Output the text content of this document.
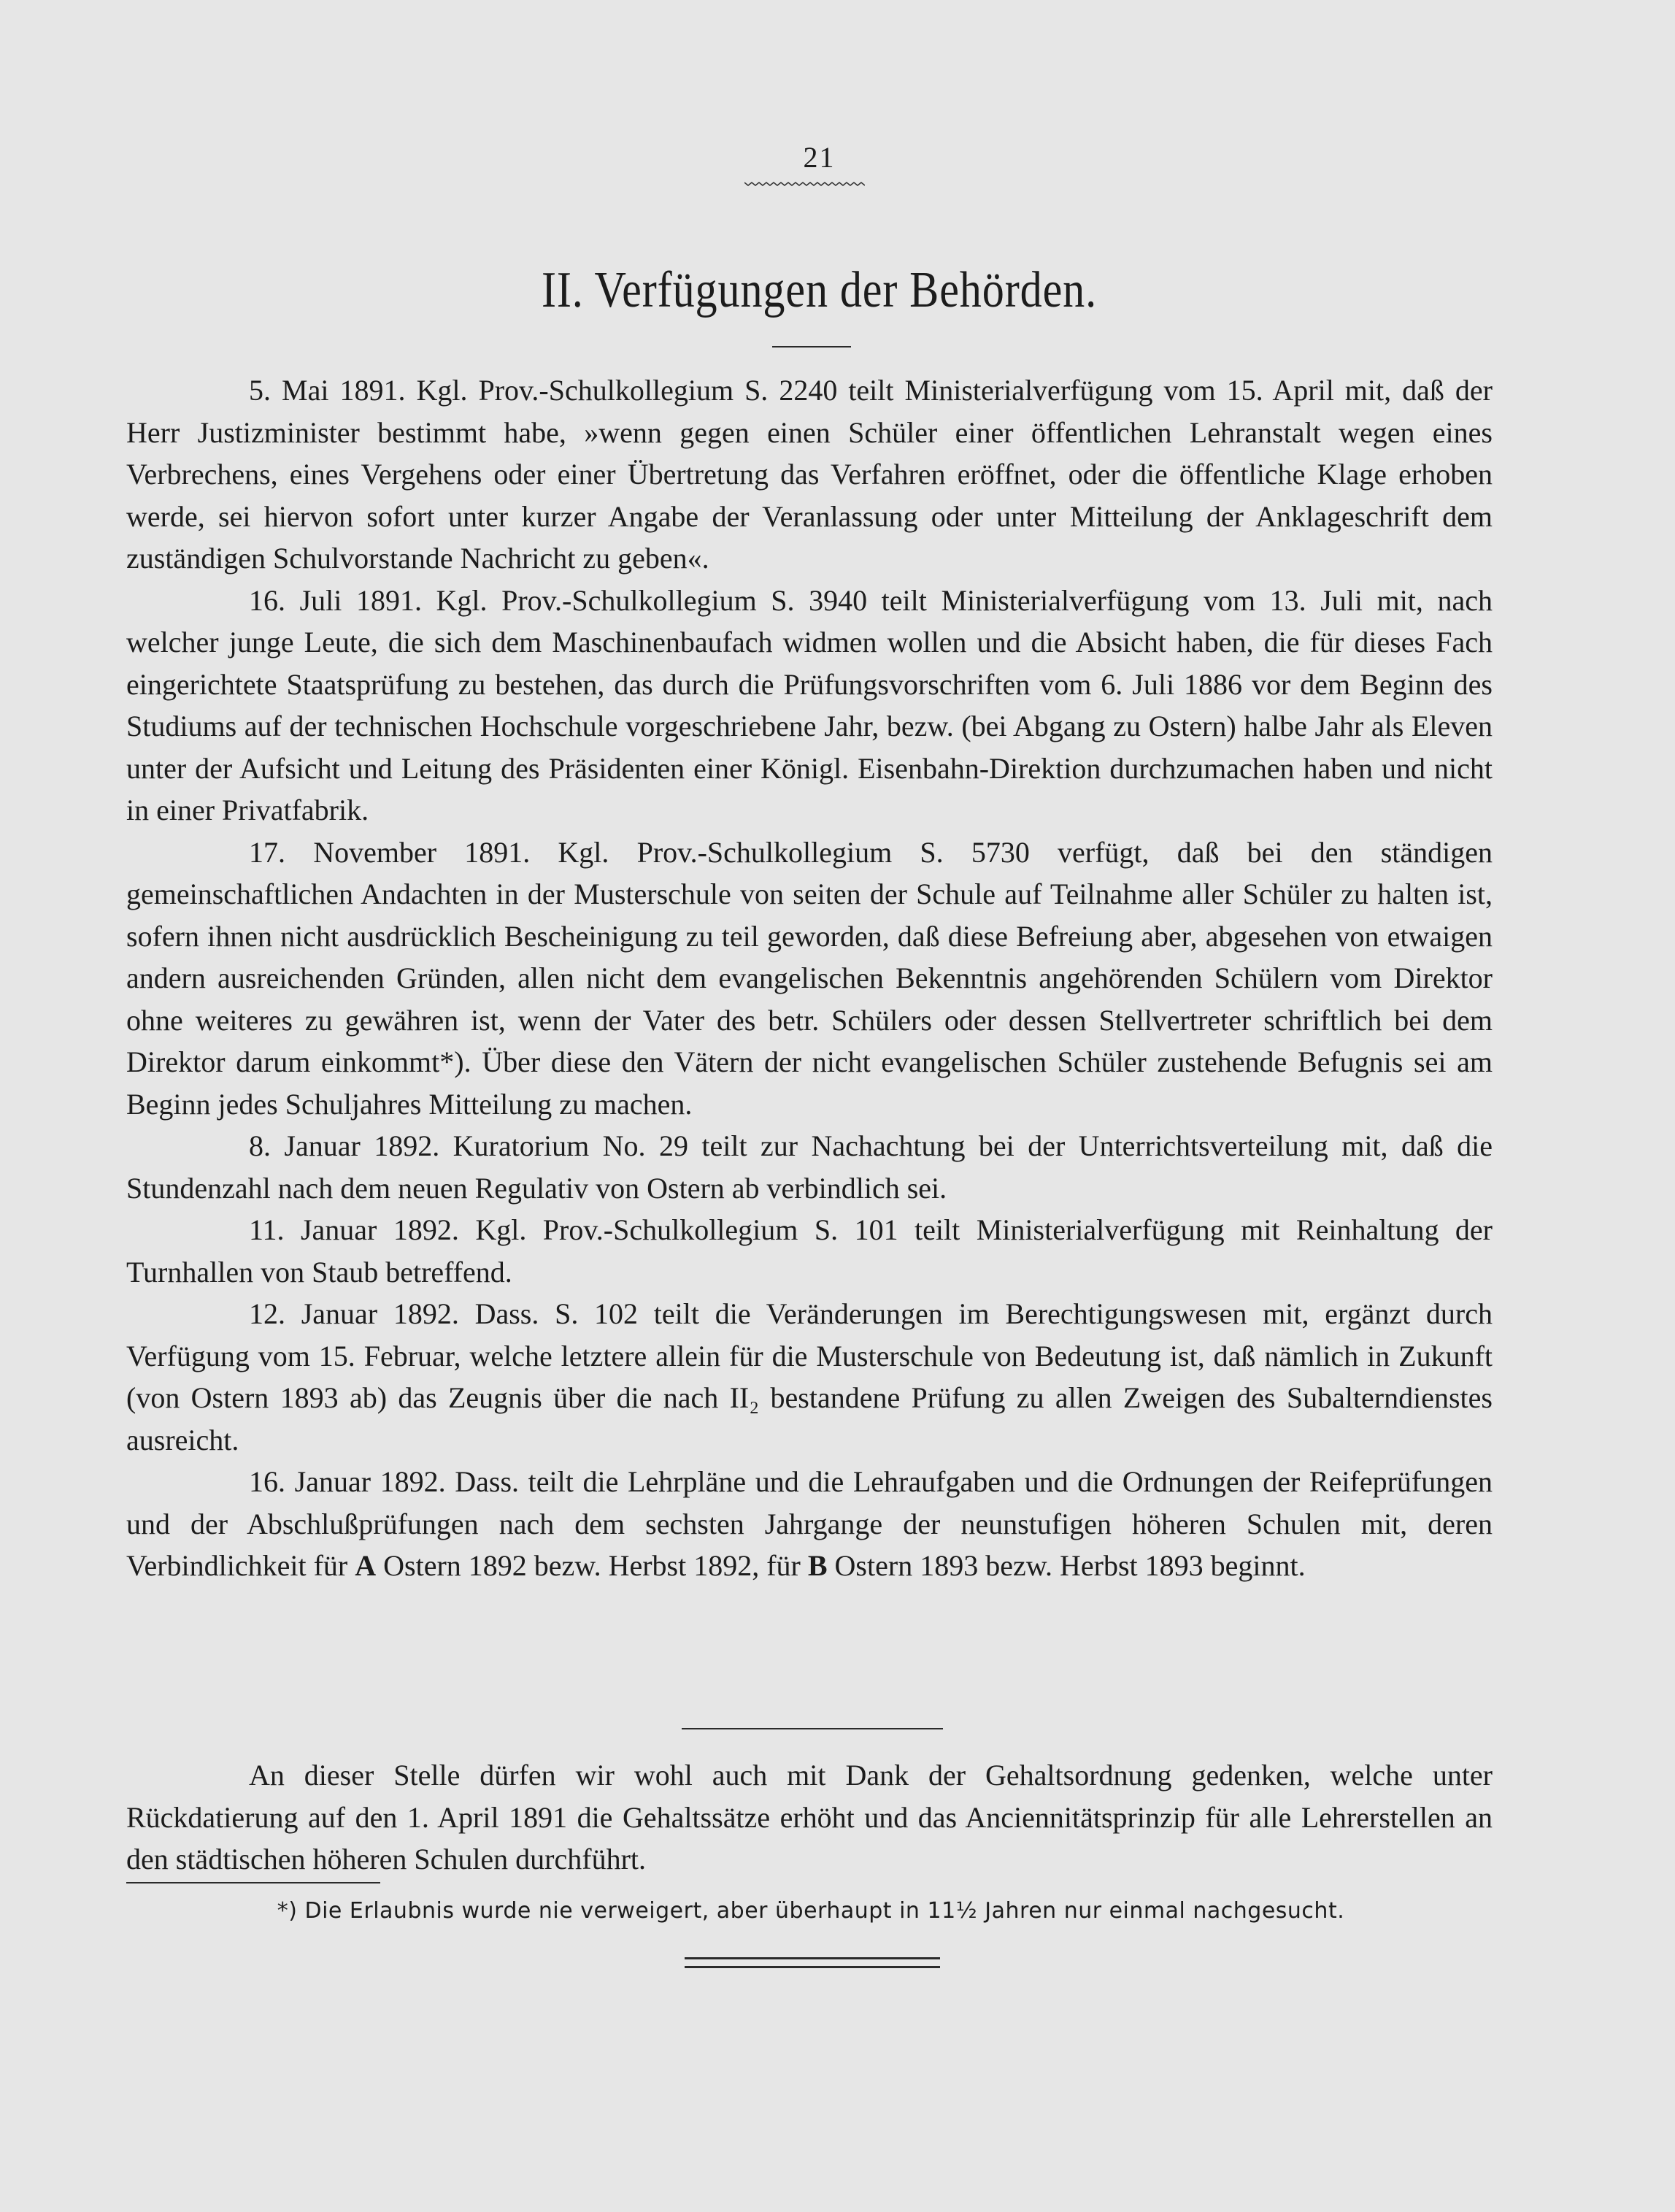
21
II. Verfügungen der Behörden.

5. Mai 1891. Kgl. Prov.-Schulkollegium S. 2240 teilt Ministerialverfügung vom 15. April mit, daß der Herr Justizminister bestimmt habe, »wenn gegen einen Schüler einer öffentlichen Lehranstalt wegen eines Verbrechens, eines Vergehens oder einer Übertretung das Verfahren eröffnet, oder die öffentliche Klage erhoben werde, sei hiervon sofort unter kurzer Angabe der Veranlassung oder unter Mitteilung der Anklageschrift dem zuständigen Schulvorstande Nachricht zu geben«.

16. Juli 1891. Kgl. Prov.-Schulkollegium S. 3940 teilt Ministerialverfügung vom 13. Juli mit, nach welcher junge Leute, die sich dem Maschinenbaufach widmen wollen und die Absicht haben, die für dieses Fach eingerichtete Staatsprüfung zu bestehen, das durch die Prüfungsvorschriften vom 6. Juli 1886 vor dem Beginn des Studiums auf der technischen Hochschule vorgeschriebene Jahr, bezw. (bei Abgang zu Ostern) halbe Jahr als Eleven unter der Aufsicht und Leitung des Präsidenten einer Königl. Eisenbahn-Direktion durchzumachen haben und nicht in einer Privatfabrik.

17. November 1891. Kgl. Prov.-Schulkollegium S. 5730 verfügt, daß bei den ständigen gemeinschaftlichen Andachten in der Musterschule von seiten der Schule auf Teilnahme aller Schüler zu halten ist, sofern ihnen nicht ausdrücklich Bescheinigung zu teil geworden, daß diese Befreiung aber, abgesehen von etwaigen andern ausreichenden Gründen, allen nicht dem evangelischen Bekenntnis angehörenden Schülern vom Direktor ohne weiteres zu gewähren ist, wenn der Vater des betr. Schülers oder dessen Stellvertreter schriftlich bei dem Direktor darum einkommt*). Über diese den Vätern der nicht evangelischen Schüler zustehende Befugnis sei am Beginn jedes Schuljahres Mitteilung zu machen.

8. Januar 1892. Kuratorium No. 29 teilt zur Nachachtung bei der Unterrichtsverteilung mit, daß die Stundenzahl nach dem neuen Regulativ von Ostern ab verbindlich sei.

11. Januar 1892. Kgl. Prov.-Schulkollegium S. 101 teilt Ministerialverfügung mit Reinhaltung der Turnhallen von Staub betreffend.

12. Januar 1892. Dass. S. 102 teilt die Veränderungen im Berechtigungswesen mit, ergänzt durch Verfügung vom 15. Februar, welche letztere allein für die Musterschule von Bedeutung ist, daß nämlich in Zukunft (von Ostern 1893 ab) das Zeugnis über die nach II₂ bestandene Prüfung zu allen Zweigen des Subalterndienstes ausreicht.

16. Januar 1892. Dass. teilt die Lehrpläne und die Lehraufgaben und die Ordnungen der Reifeprüfungen und der Abschlußprüfungen nach dem sechsten Jahrgange der neunstufigen höheren Schulen mit, deren Verbindlichkeit für A Ostern 1892 bezw. Herbst 1892, für B Ostern 1893 bezw. Herbst 1893 beginnt.

An dieser Stelle dürfen wir wohl auch mit Dank der Gehaltsordnung gedenken, welche unter Rückdatierung auf den 1. April 1891 die Gehaltssätze erhöht und das Anciennitätsprinzip für alle Lehrerstellen an den städtischen höheren Schulen durchführt.

*) Die Erlaubnis wurde nie verweigert, aber überhaupt in 11½ Jahren nur einmal nachgesucht.
